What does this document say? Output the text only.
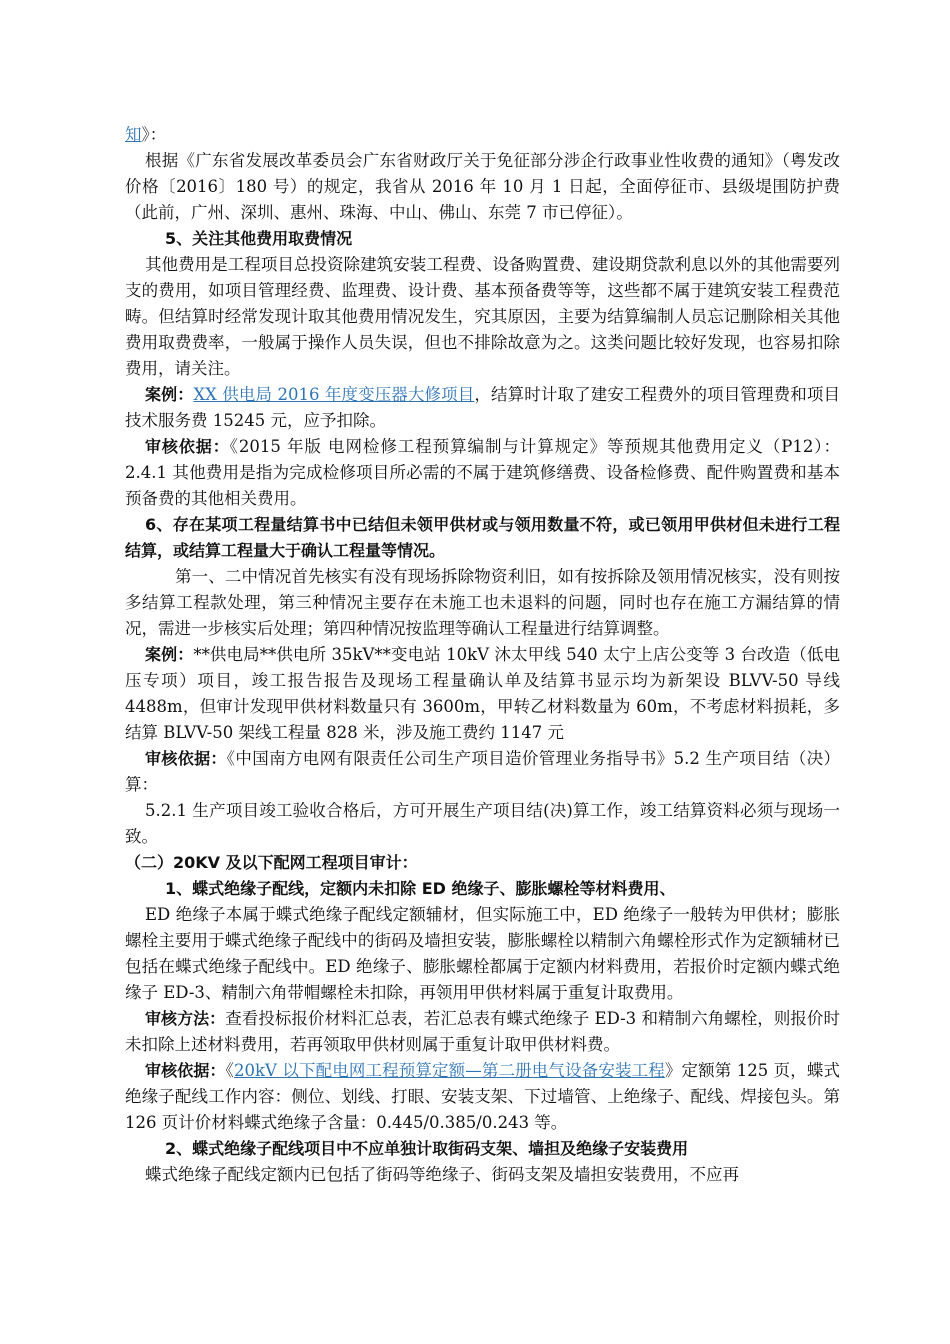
知》：

根据《广东省发展改革委员会广东省财政厅关于免征部分涉企行政事业性收费的通知》（粤发改价格〔2016〕180 号）的规定，我省从 2016 年 10 月 1 日起，全面停征市、县级堤围防护费（此前，广州、深圳、惠州、珠海、中山、佛山、东莞 7 市已停征）。

5、关注其他费用取费情况

其他费用是工程项目总投资除建筑安装工程费、设备购置费、建设期贷款利息以外的其他需要列支的费用，如项目管理经费、监理费、设计费、基本预备费等等，这些都不属于建筑安装工程费范畴。但结算时经常发现计取其他费用情况发生，究其原因，主要为结算编制人员忘记删除相关其他费用取费费率，一般属于操作人员失误，但也不排除故意为之。这类问题比较好发现，也容易扣除费用，请关注。

案例：XX 供电局 2016 年度变压器大修项目，结算时计取了建安工程费外的项目管理费和项目技术服务费 15245 元，应予扣除。

审核依据：《2015 年版 电网检修工程预算编制与计算规定》等预规其他费用定义（P12）：2.4.1 其他费用是指为完成检修项目所必需的不属于建筑修缮费、设备检修费、配件购置费和基本预备费的其他相关费用。

6、存在某项工程量结算书中已结但未领甲供材或与领用数量不符，或已领用甲供材但未进行工程结算，或结算工程量大于确认工程量等情况。

第一、二中情况首先核实有没有现场拆除物资利旧，如有按拆除及领用情况核实，没有则按多结算工程款处理，第三种情况主要存在未施工也未退料的问题，同时也存在施工方漏结算的情况，需进一步核实后处理；第四种情况按监理等确认工程量进行结算调整。

案例：**供电局**供电所 35kV**变电站 10kV 沐太甲线 540 太宁上店公变等 3 台改造（低电压专项）项目，竣工报告报告及现场工程量确认单及结算书显示均为新架设 BLVV-50 导线 4488m，但审计发现甲供材料数量只有 3600m，甲转乙材料数量为 60m，不考虑材料损耗，多结算 BLVV-50 架线工程量 828 米，涉及施工费约 1147 元

审核依据：《中国南方电网有限责任公司生产项目造价管理业务指导书》5.2 生产项目结（决）算：

5.2.1 生产项目竣工验收合格后，方可开展生产项目结(决)算工作，竣工结算资料必须与现场一致。

（二）20KV 及以下配网工程项目审计：

1、蝶式绝缘子配线，定额内未扣除 ED 绝缘子、膨胀螺栓等材料费用、

ED 绝缘子本属于蝶式绝缘子配线定额辅材，但实际施工中，ED 绝缘子一般转为甲供材；膨胀螺栓主要用于蝶式绝缘子配线中的街码及墙担安装，膨胀螺栓以精制六角螺栓形式作为定额辅材已包括在蝶式绝缘子配线中。ED 绝缘子、膨胀螺栓都属于定额内材料费用，若报价时定额内蝶式绝缘子 ED-3、精制六角带帽螺栓未扣除，再领用甲供材料属于重复计取费用。

审核方法：查看投标报价材料汇总表，若汇总表有蝶式绝缘子 ED-3 和精制六角螺栓，则报价时未扣除上述材料费用，若再领取甲供材则属于重复计取甲供材料费。

审核依据：《20kV 以下配电网工程预算定额—第二册电气设备安装工程》定额第 125 页，蝶式绝缘子配线工作内容：侧位、划线、打眼、安装支架、下过墙管、上绝缘子、配线、焊接包头。第 126 页计价材料蝶式绝缘子含量：0.445/0.385/0.243 等。

2、蝶式绝缘子配线项目中不应单独计取街码支架、墙担及绝缘子安装费用

蝶式绝缘子配线定额内已包括了街码等绝缘子、街码支架及墙担安装费用，不应再
